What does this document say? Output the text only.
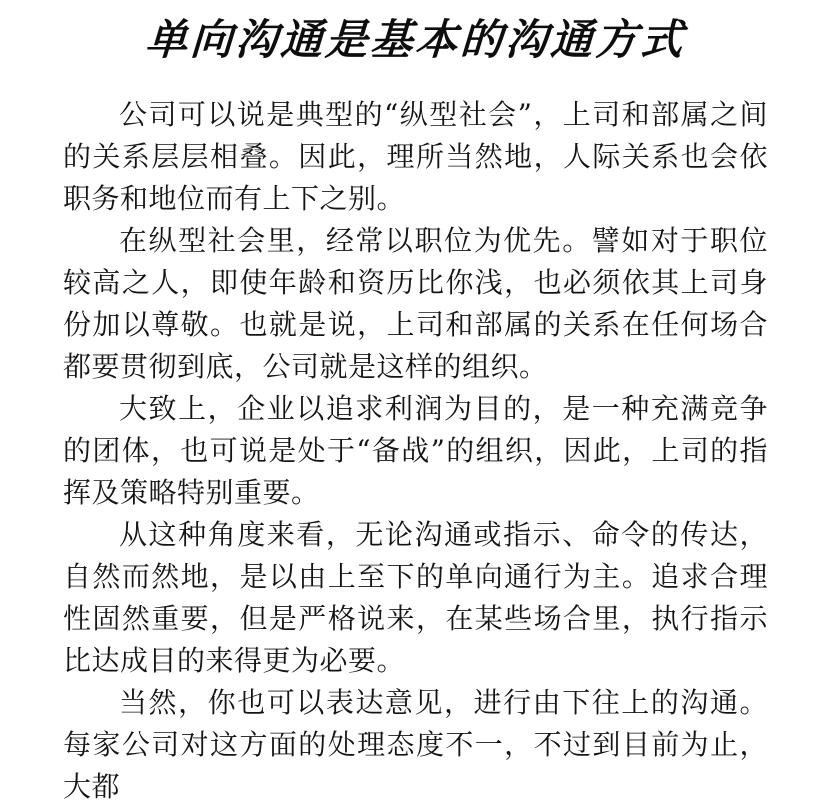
单向沟通是基本的沟通方式

公司可以说是典型的“纵型社会”，上司和部属之间的关系层层相叠。因此，理所当然地，人际关系也会依职务和地位而有上下之别。

在纵型社会里，经常以职位为优先。譬如对于职位较高之人，即使年龄和资历比你浅，也必须依其上司身份加以尊敬。也就是说，上司和部属的关系在任何场合都要贯彻到底，公司就是这样的组织。

大致上，企业以追求利润为目的，是一种充满竞争的团体，也可说是处于“备战”的组织，因此，上司的指挥及策略特别重要。

从这种角度来看，无论沟通或指示、命令的传达，自然而然地，是以由上至下的单向通行为主。追求合理性固然重要，但是严格说来，在某些场合里，执行指示比达成目的来得更为必要。

当然，你也可以表达意见，进行由下往上的沟通。每家公司对这方面的处理态度不一，不过到目前为止，大都
